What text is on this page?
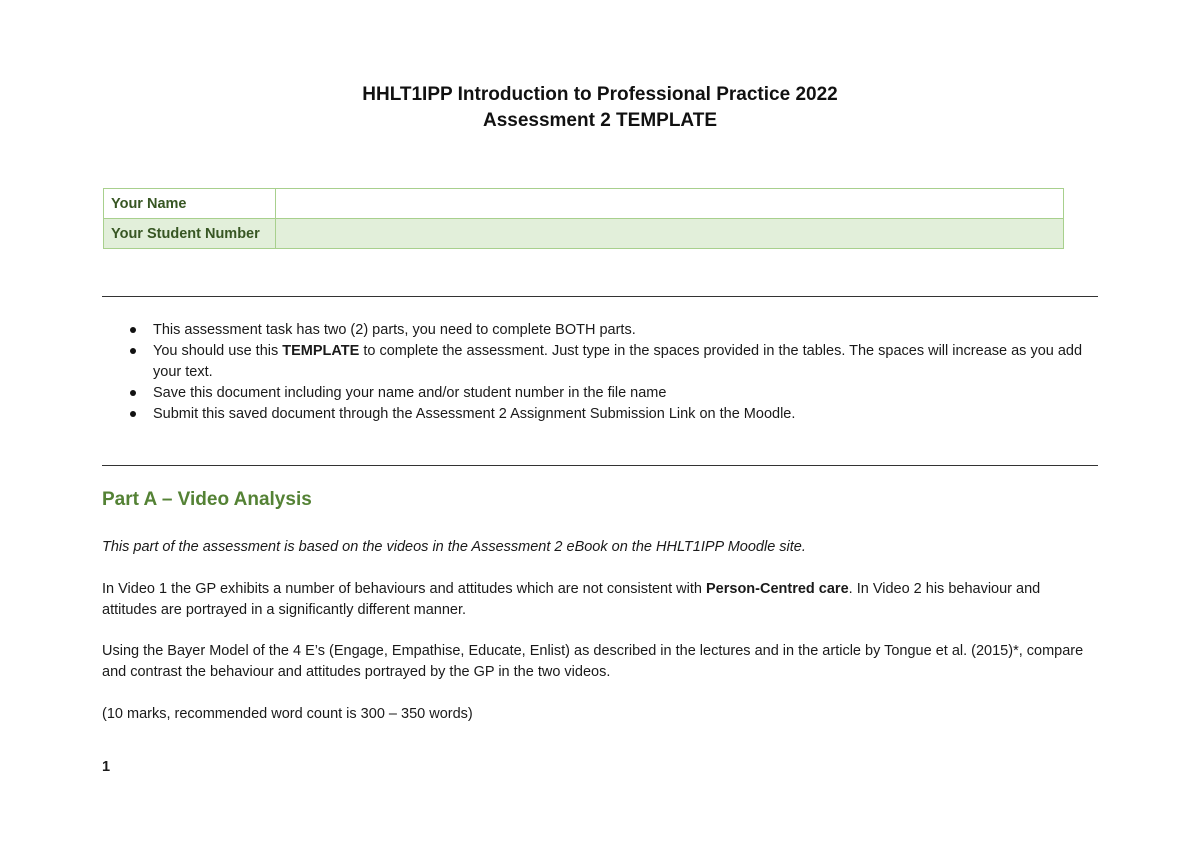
HHLT1IPP Introduction to Professional Practice 2022
Assessment 2 TEMPLATE
Your Name	
Your Student Number	
This assessment task has two (2) parts, you need to complete BOTH parts.
You should use this TEMPLATE to complete the assessment. Just type in the spaces provided in the tables. The spaces will increase as you add your text.
Save this document including your name and/or student number in the file name
Submit this saved document through the Assessment 2 Assignment Submission Link on the Moodle.
Part A – Video Analysis

This part of the assessment is based on the videos in the Assessment 2 eBook on the HHLT1IPP Moodle site.

In Video 1 the GP exhibits a number of behaviours and attitudes which are not consistent with Person-Centred care. In Video 2 his behaviour and attitudes are portrayed in a significantly different manner.

Using the Bayer Model of the 4 E’s (Engage, Empathise, Educate, Enlist) as described in the lectures and in the article by Tongue et al. (2015)*, compare and contrast the behaviour and attitudes portrayed by the GP in the two videos.

(10 marks, recommended word count is 300 – 350 words)

1
